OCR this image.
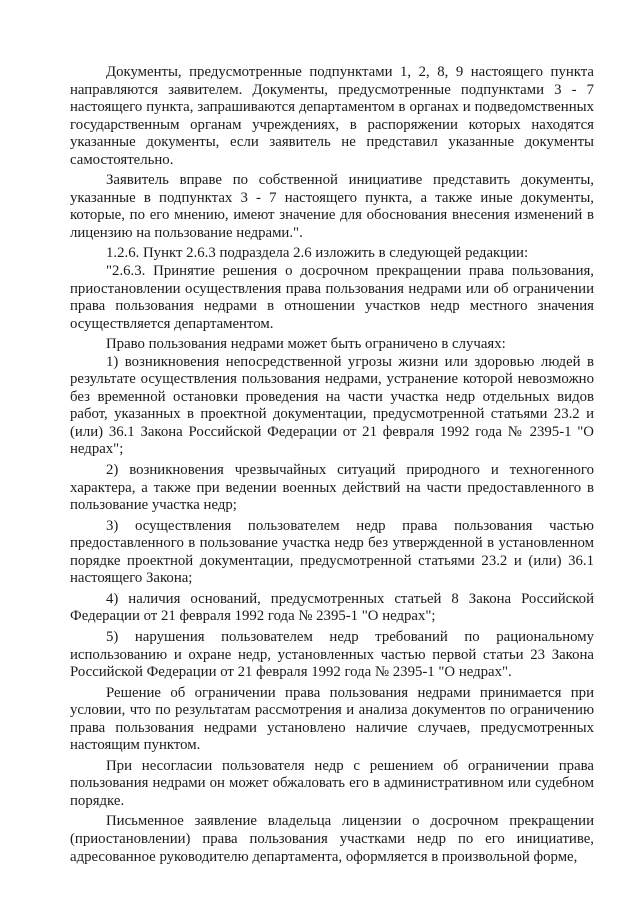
Документы, предусмотренные подпунктами 1, 2, 8, 9 настоящего пункта направляются заявителем. Документы, предусмотренные подпунктами 3 - 7 настоящего пункта, запрашиваются департаментом в органах и подведомственных государственным органам учреждениях, в распоряжении которых находятся указанные документы, если заявитель не представил указанные документы самостоятельно.

Заявитель вправе по собственной инициативе представить документы, указанные в подпунктах 3 - 7 настоящего пункта, а также иные документы, которые, по его мнению, имеют значение для обоснования внесения изменений в лицензию на пользование недрами.".

1.2.6. Пункт 2.6.3 подраздела 2.6 изложить в следующей редакции:

"2.6.3. Принятие решения о досрочном прекращении права пользования, приостановлении осуществления права пользования недрами или об ограничении права пользования недрами в отношении участков недр местного значения осуществляется департаментом.

Право пользования недрами может быть ограничено в случаях:

1) возникновения непосредственной угрозы жизни или здоровью людей в результате осуществления пользования недрами, устранение которой невозможно без временной остановки проведения на части участка недр отдельных видов работ, указанных в проектной документации, предусмотренной статьями 23.2 и (или) 36.1 Закона Российской Федерации от 21 февраля 1992 года № 2395-1 "О недрах";

2) возникновения чрезвычайных ситуаций природного и техногенного характера, а также при ведении военных действий на части предоставленного в пользование участка недр;

3) осуществления пользователем недр права пользования частью предоставленного в пользование участка недр без утвержденной в установленном порядке проектной документации, предусмотренной статьями 23.2 и (или) 36.1 настоящего Закона;

4) наличия оснований, предусмотренных статьей 8 Закона Российской Федерации от 21 февраля 1992 года № 2395-1 "О недрах";

5) нарушения пользователем недр требований по рациональному использованию и охране недр, установленных частью первой статьи 23 Закона Российской Федерации от 21 февраля 1992 года № 2395-1 "О недрах".

Решение об ограничении права пользования недрами принимается при условии, что по результатам рассмотрения и анализа документов по ограничению права пользования недрами установлено наличие случаев, предусмотренных настоящим пунктом.

При несогласии пользователя недр с решением об ограничении права пользования недрами он может обжаловать его в административном или судебном порядке.

Письменное заявление владельца лицензии о досрочном прекращении (приостановлении) права пользования участками недр по его инициативе, адресованное руководителю департамента, оформляется в произвольной форме,
